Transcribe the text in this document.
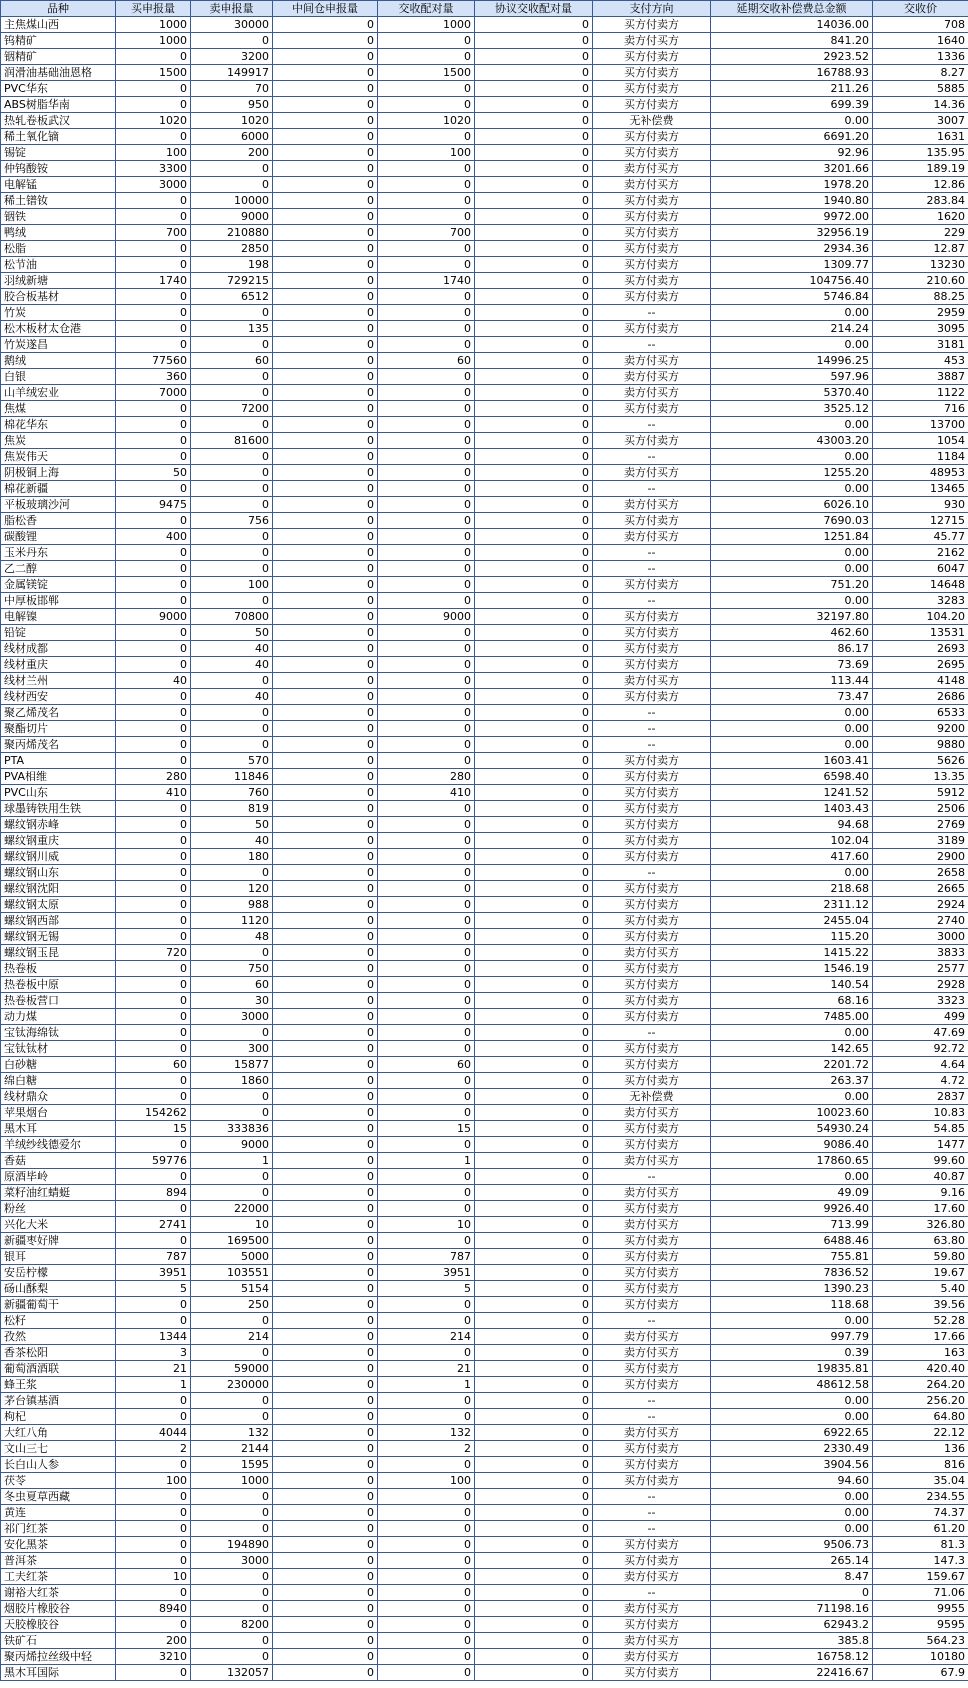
品种	买申报量	卖申报量	中间仓申报量	交收配对量	协议交收配对量	支付方向	延期交收补偿费总金额	交收价
主焦煤山西	1000	30000	0	1000	0	买方付卖方	14036.00	708
钨精矿	1000	0	0	0	0	卖方付买方	841.20	1640
铟精矿	0	3200	0	0	0	买方付卖方	2923.52	1336
润滑油基础油恩格	1500	149917	0	1500	0	买方付卖方	16788.93	8.27
PVC华东	0	70	0	0	0	买方付卖方	211.26	5885
ABS树脂华南	0	950	0	0	0	买方付卖方	699.39	14.36
热轧卷板武汉	1020	1020	0	1020	0	无补偿费	0.00	3007
稀土氧化镝	0	6000	0	0	0	买方付卖方	6691.20	1631
锡锭	100	200	0	100	0	买方付卖方	92.96	135.95
仲钨酸铵	3300	0	0	0	0	卖方付买方	3201.66	189.19
电解锰	3000	0	0	0	0	卖方付买方	1978.20	12.86
稀土镨钕	0	10000	0	0	0	买方付卖方	1940.80	283.84
铟铁	0	9000	0	0	0	买方付卖方	9972.00	1620
鸭绒	700	210880	0	700	0	买方付卖方	32956.19	229
松脂	0	2850	0	0	0	买方付卖方	2934.36	12.87
松节油	0	198	0	0	0	买方付卖方	1309.77	13230
羽绒新塘	1740	729215	0	1740	0	买方付卖方	104756.40	210.60
胶合板基材	0	6512	0	0	0	买方付卖方	5746.84	88.25
竹炭	0	0	0	0	0	--	0.00	2959
松木板材太仓港	0	135	0	0	0	买方付卖方	214.24	3095
竹炭遂昌	0	0	0	0	0	--	0.00	3181
鹅绒	77560	60	0	60	0	卖方付买方	14996.25	453
白银	360	0	0	0	0	卖方付买方	597.96	3887
山羊绒宏业	7000	0	0	0	0	卖方付买方	5370.40	1122
焦煤	0	7200	0	0	0	买方付卖方	3525.12	716
棉花华东	0	0	0	0	0	--	0.00	13700
焦炭	0	81600	0	0	0	买方付卖方	43003.20	1054
焦炭伟天	0	0	0	0	0	--	0.00	1184
阴极铜上海	50	0	0	0	0	卖方付买方	1255.20	48953
棉花新疆	0	0	0	0	0	--	0.00	13465
平板玻璃沙河	9475	0	0	0	0	卖方付买方	6026.10	930
脂松香	0	756	0	0	0	买方付卖方	7690.03	12715
碳酸锂	400	0	0	0	0	卖方付买方	1251.84	45.77
玉米丹东	0	0	0	0	0	--	0.00	2162
乙二醇	0	0	0	0	0	--	0.00	6047
金属镁锭	0	100	0	0	0	买方付卖方	751.20	14648
中厚板邯郸	0	0	0	0	0	--	0.00	3283
电解镍	9000	70800	0	9000	0	买方付卖方	32197.80	104.20
铅锭	0	50	0	0	0	买方付卖方	462.60	13531
线材成都	0	40	0	0	0	买方付卖方	86.17	2693
线材重庆	0	40	0	0	0	买方付卖方	73.69	2695
线材兰州	40	0	0	0	0	卖方付买方	113.44	4148
线材西安	0	40	0	0	0	买方付卖方	73.47	2686
聚乙烯茂名	0	0	0	0	0	--	0.00	6533
聚酯切片	0	0	0	0	0	--	0.00	9200
聚丙烯茂名	0	0	0	0	0	--	0.00	9880
PTA	0	570	0	0	0	买方付卖方	1603.41	5626
PVA相维	280	11846	0	280	0	买方付卖方	6598.40	13.35
PVC山东	410	760	0	410	0	买方付卖方	1241.52	5912
球墨铸铁用生铁	0	819	0	0	0	买方付卖方	1403.43	2506
螺纹钢赤峰	0	50	0	0	0	买方付卖方	94.68	2769
螺纹钢重庆	0	40	0	0	0	买方付卖方	102.04	3189
螺纹钢川威	0	180	0	0	0	买方付卖方	417.60	2900
螺纹钢山东	0	0	0	0	0	--	0.00	2658
螺纹钢沈阳	0	120	0	0	0	买方付卖方	218.68	2665
螺纹钢太原	0	988	0	0	0	买方付卖方	2311.12	2924
螺纹钢西部	0	1120	0	0	0	买方付卖方	2455.04	2740
螺纹钢无锡	0	48	0	0	0	买方付卖方	115.20	3000
螺纹钢玉昆	720	0	0	0	0	卖方付买方	1415.22	3833
热卷板	0	750	0	0	0	买方付卖方	1546.19	2577
热卷板中原	0	60	0	0	0	买方付卖方	140.54	2928
热卷板营口	0	30	0	0	0	买方付卖方	68.16	3323
动力煤	0	3000	0	0	0	买方付卖方	7485.00	499
宝钛海绵钛	0	0	0	0	0	--	0.00	47.69
宝钛钛材	0	300	0	0	0	买方付卖方	142.65	92.72
白砂糖	60	15877	0	60	0	买方付卖方	2201.72	4.64
绵白糖	0	1860	0	0	0	买方付卖方	263.37	4.72
线材鼎众	0	0	0	0	0	无补偿费	0.00	2837
苹果烟台	154262	0	0	0	0	卖方付买方	10023.60	10.83
黑木耳	15	333836	0	15	0	买方付卖方	54930.24	54.85
羊绒纱线德爱尔	0	9000	0	0	0	买方付卖方	9086.40	1477
香菇	59776	1	0	1	0	卖方付买方	17860.65	99.60
原酒毕岭	0	0	0	0	0	--	0.00	40.87
菜籽油红蜻蜓	894	0	0	0	0	卖方付买方	49.09	9.16
粉丝	0	22000	0	0	0	买方付卖方	9926.40	17.60
兴化大米	2741	10	0	10	0	卖方付买方	713.99	326.80
新疆枣好牌	0	169500	0	0	0	买方付卖方	6488.46	63.80
银耳	787	5000	0	787	0	买方付卖方	755.81	59.80
安岳柠檬	3951	103551	0	3951	0	买方付卖方	7836.52	19.67
砀山酥梨	5	5154	0	5	0	买方付卖方	1390.23	5.40
新疆葡萄干	0	250	0	0	0	买方付卖方	118.68	39.56
松籽	0	0	0	0	0	--	0.00	52.28
孜然	1344	214	0	214	0	卖方付买方	997.79	17.66
香茶松阳	3	0	0	0	0	卖方付买方	0.39	163
葡萄酒酒联	21	59000	0	21	0	买方付卖方	19835.81	420.40
蜂王浆	1	230000	0	1	0	买方付卖方	48612.58	264.20
茅台镇基酒	0	0	0	0	0	--	0.00	256.20
枸杞	0	0	0	0	0	--	0.00	64.80
大红八角	4044	132	0	132	0	卖方付买方	6922.65	22.12
文山三七	2	2144	0	2	0	买方付卖方	2330.49	136
长白山人参	0	1595	0	0	0	买方付卖方	3904.56	816
茯苓	100	1000	0	100	0	买方付卖方	94.60	35.04
冬虫夏草西藏	0	0	0	0	0	--	0.00	234.55
黄连	0	0	0	0	0	--	0.00	74.37
祁门红茶	0	0	0	0	0	--	0.00	61.20
安化黑茶	0	194890	0	0	0	买方付卖方	9506.73	81.3
普洱茶	0	3000	0	0	0	买方付卖方	265.14	147.3
工夫红茶	10	0	0	0	0	卖方付买方	8.47	159.67
谢裕大红茶	0	0	0	0	0	--	0	71.06
烟胶片橡胶谷	8940	0	0	0	0	卖方付买方	71198.16	9955
天胶橡胶谷	0	8200	0	0	0	买方付卖方	62943.2	9595
铁矿石	200	0	0	0	0	卖方付买方	385.8	564.23
聚丙烯拉丝级中轻	3210	0	0	0	0	卖方付买方	16758.12	10180
黑木耳国际	0	132057	0	0	0	买方付卖方	22416.67	67.9
